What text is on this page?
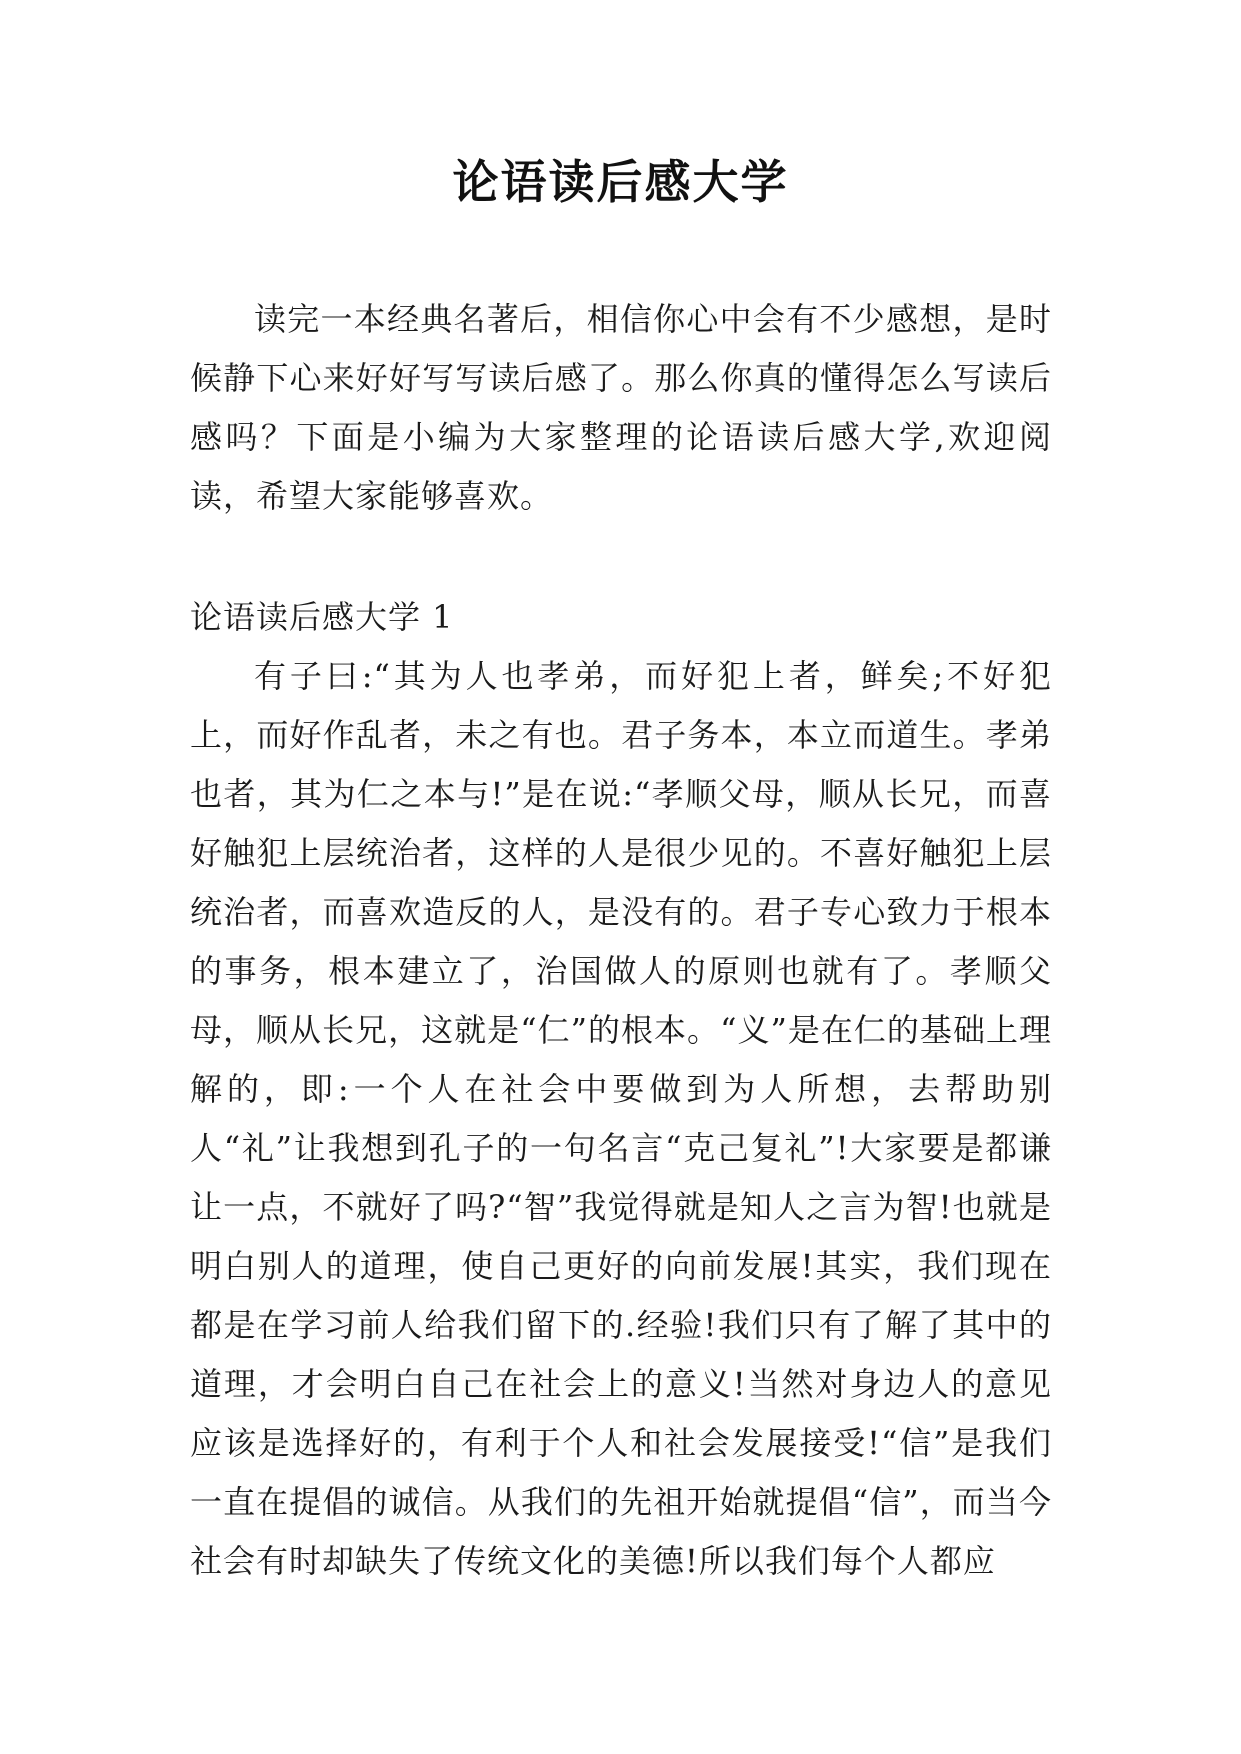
论语读后感大学

读完一本经典名著后，相信你心中会有不少感想，是时候静下心来好好写写读后感了。那么你真的懂得怎么写读后感吗？下面是小编为大家整理的论语读后感大学,欢迎阅读，希望大家能够喜欢。

论语读后感大学 1

有子曰:“其为人也孝弟，而好犯上者，鲜矣;不好犯上，而好作乱者，未之有也。君子务本，本立而道生。孝弟也者，其为仁之本与!”是在说:“孝顺父母，顺从长兄，而喜好触犯上层统治者，这样的人是很少见的。不喜好触犯上层统治者，而喜欢造反的人，是没有的。君子专心致力于根本的事务，根本建立了，治国做人的原则也就有了。孝顺父母，顺从长兄，这就是“仁”的根本。“义”是在仁的基础上理解的，即:一个人在社会中要做到为人所想，去帮助别人“礼”让我想到孔子的一句名言“克己复礼”!大家要是都谦让一点，不就好了吗?“智”我觉得就是知人之言为智!也就是明白别人的道理，使自己更好的向前发展!其实，我们现在都是在学习前人给我们留下的.经验!我们只有了解了其中的道理，才会明白自己在社会上的意义!当然对身边人的意见应该是选择好的，有利于个人和社会发展接受!“信”是我们一直在提倡的诚信。从我们的先祖开始就提倡“信”，而当今社会有时却缺失了传统文化的美德!所以我们每个人都应
